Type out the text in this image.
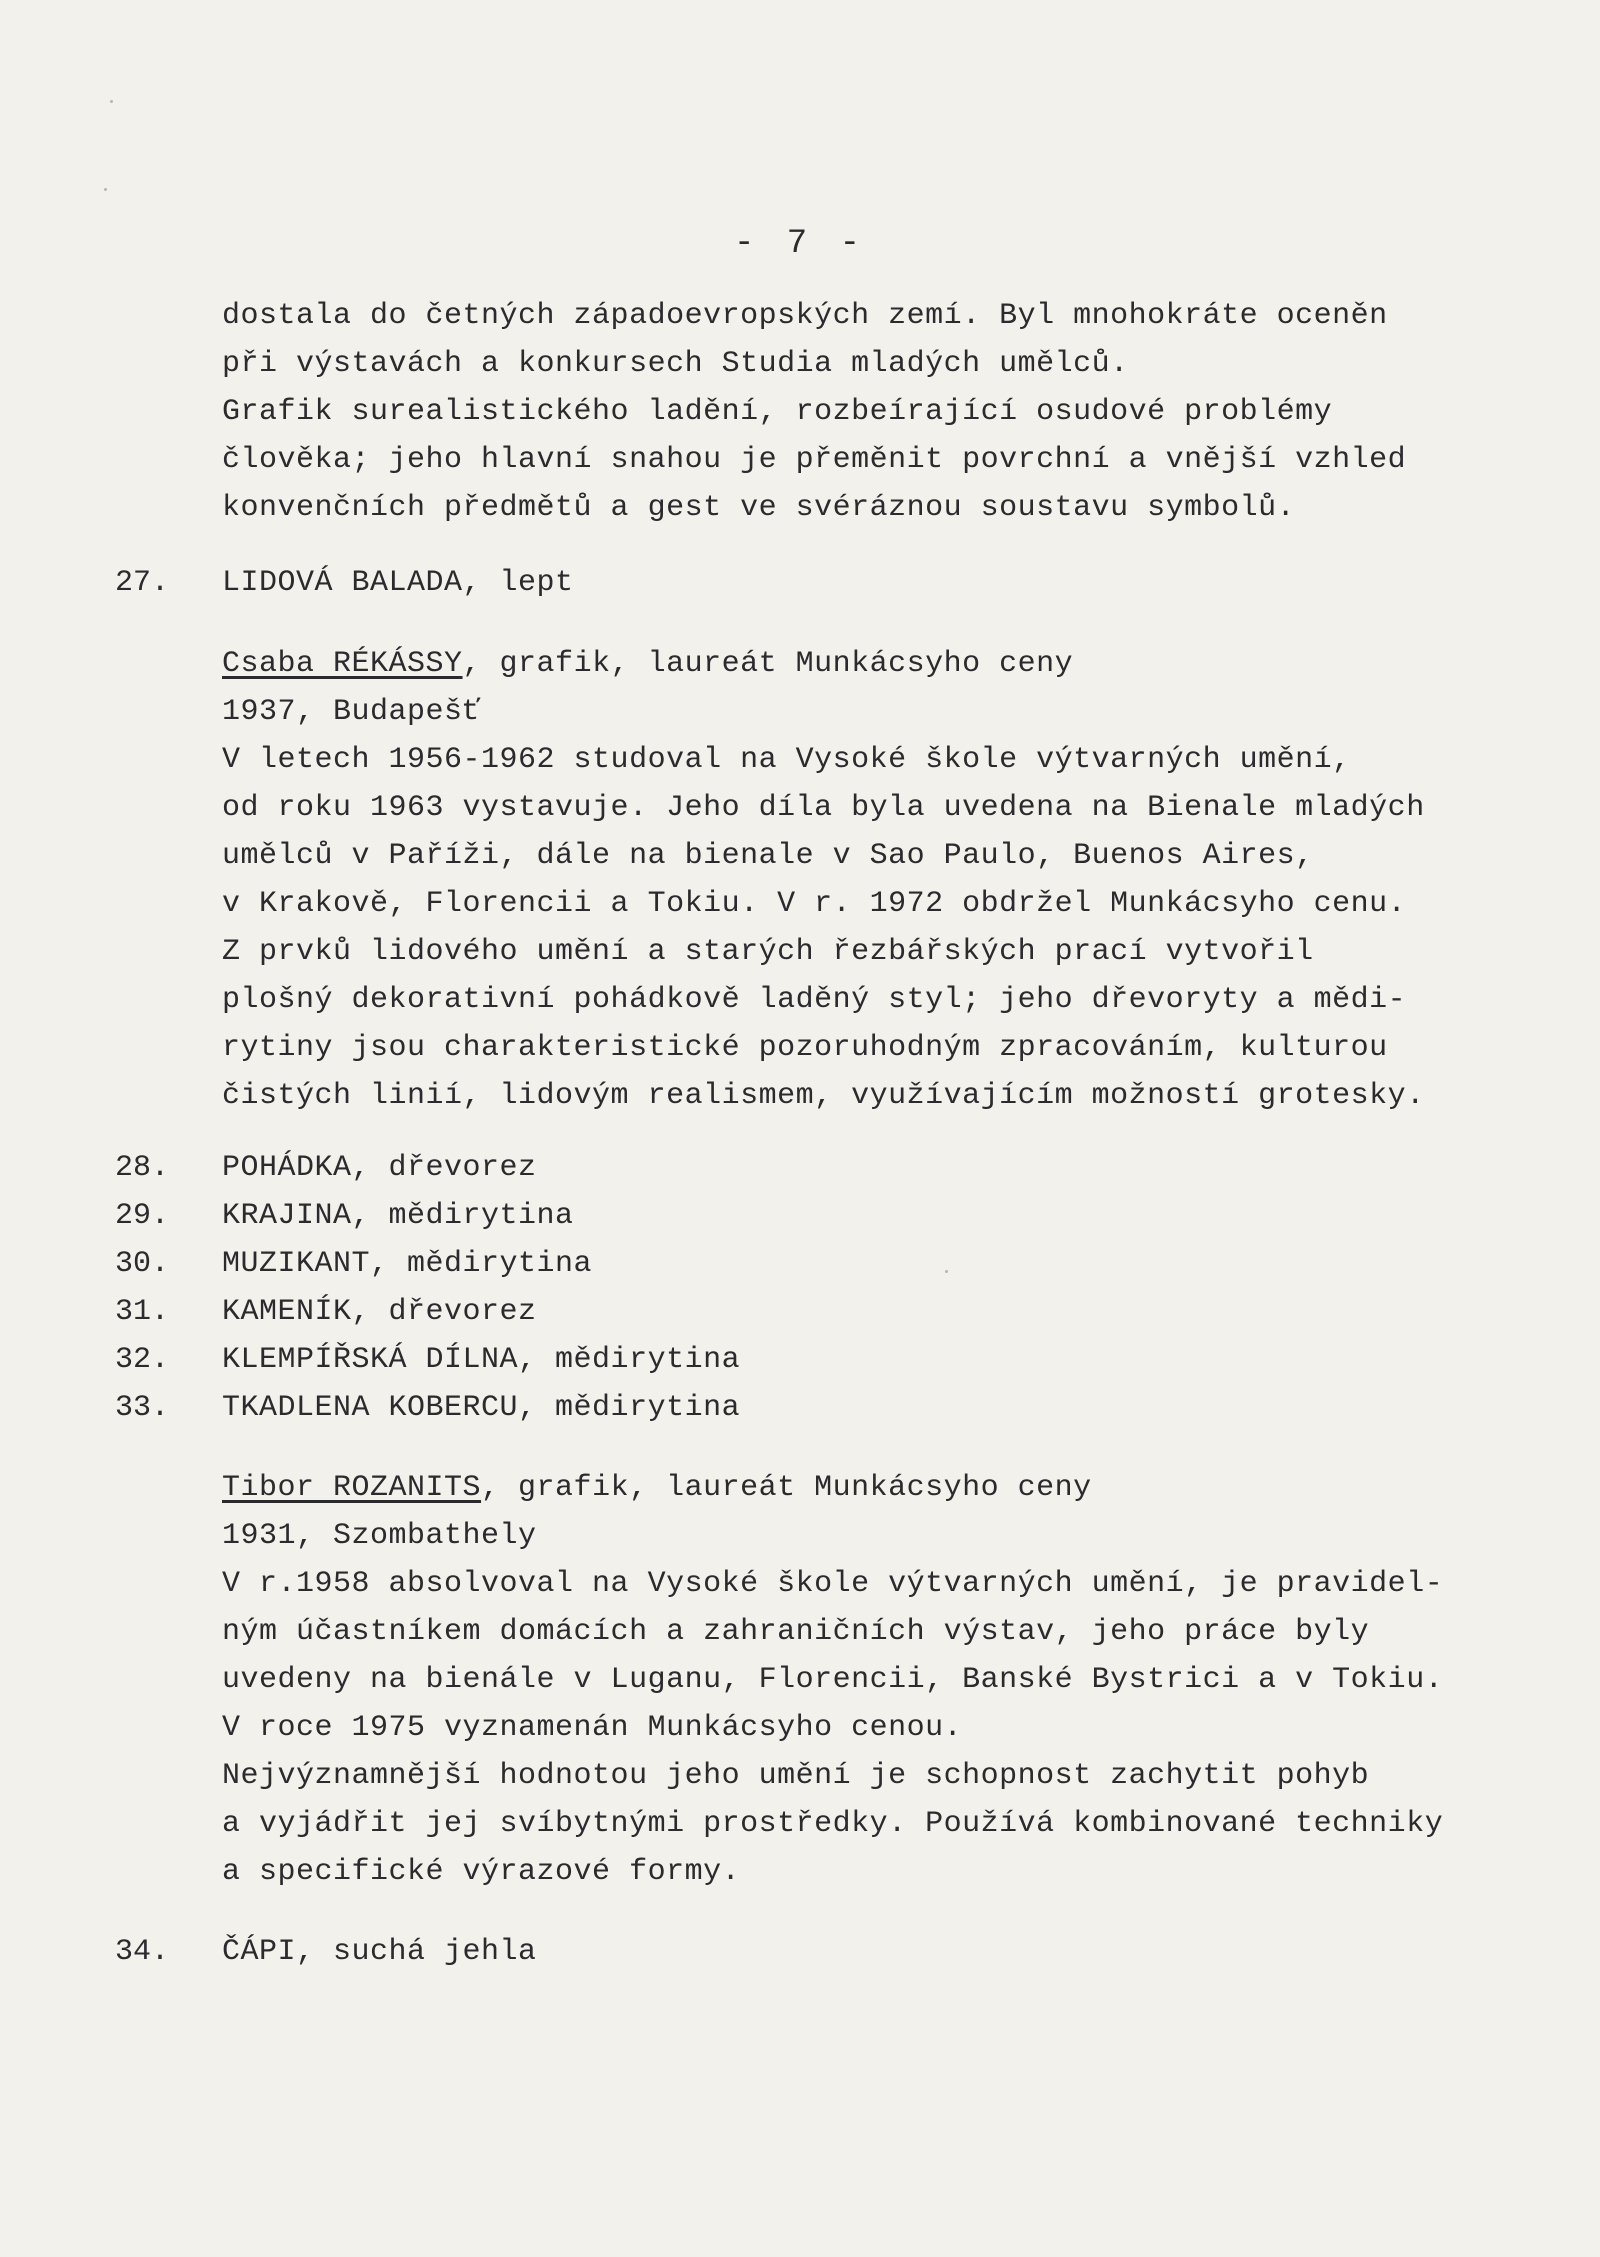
- 7 -
dostala do četných západoevropských zemí. Byl mnohokráte oceněn
při výstavách a konkursech Studia mladých umělců.
Grafik surealistického ladění, rozbeírající osudové problémy
člověka; jeho hlavní snahou je přeměnit povrchní a vnější vzhled
konvenčních předmětů a gest ve svéráznou soustavu symbolů.
27. LIDOVÁ BALADA, lept
Csaba RÉKÁSSY, grafik, laureát Munkácsyho ceny
1937, Budapešť
V letech 1956-1962 studoval na Vysoké škole výtvarných umění,
od roku 1963 vystavuje. Jeho díla byla uvedena na Bienale mladých
umělců v Paříži, dále na bienale v Sao Paulo, Buenos Aires,
v Krakově, Florencii a Tokiu. V r. 1972 obdržel Munkácsyho cenu.
Z prvků lidového umění a starých řezbářských prací vytvořil
plošný dekorativní pohádkově laděný styl; jeho dřevoryty a mědi-
rytiny jsou charakteristické pozoruhodným zpracováním, kulturou
čistých linií, lidovým realismem, využívajícím možností grotesky.
28. POHÁDKA, dřevorez
29. KRAJINA, mědirytina
30. MUZIKANT, mědirytina
31. KAMENÍK, dřevorez
32. KLEMPÍŘSKÁ DÍLNA, mědirytina
33. TKADLENA KOBERCU, mědirytina
Tibor ROZANITS, grafik, laureát Munkácsyho ceny
1931, Szombathely
V r.1958 absolvoval na Vysoké škole výtvarných umění, je pravidel-
ným účastníkem domácích a zahraničních výstav, jeho práce byly
uvedeny na bienále v Luganu, Florencii, Banské Bystrici a v Tokiu.
V roce 1975 vyznamenán Munkácsyho cenou.
Nejvýznamnější hodnotou jeho umění je schopnost zachytit pohyb
a vyjádřit jej svíbytnými prostředky. Používá kombinované techniky
a specifické výrazové formy.
34. ČÁPI, suchá jehla
